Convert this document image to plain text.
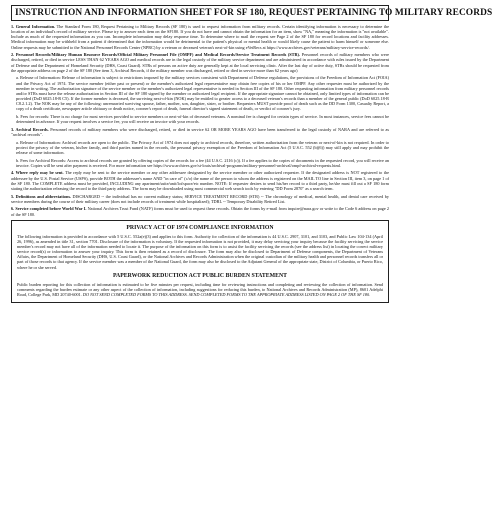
INSTRUCTION AND INFORMATION SHEET FOR SF 180, REQUEST PERTAINING TO MILITARY RECORDS

1. General Information. The Standard Form 180, Request Pertaining to Military Records (SF 180) is used to request information from military records. Certain identifying information is necessary to determine the location of an individual's record of military service. Please try to answer each item on the SF180. If you do not have and cannot obtain the information for an item, show "NA," meaning the information is "not available". Include as much of the requested information as you can. Incomplete information may delay response time. To determine where to mail the request see Page 2 of the SF 180 for record locations and facility addresses. Medical information may be withheld from a patient if determined that the information would be detrimental to the patient's physical or mental health or would likely cause the patient to harm himself or someone else. Online requests may be submitted to the National Personnel Records Center (NPRC) by a veteran or deceased veteran's next-of-kin using eVetRecs at https://www.archives.gov/veterans/military-service-records/.

2. Personnel Records/Military Human Resource Records/Official Military Personnel File (OMPF) and Medical Records/Service Treatment Records (STR). Personnel records of military members who were discharged, retired, or died in service LESS THAN 62 YEARS AGO and medical records are in the legal custody of the military service department and are administered in accordance with rules issued by the Department of Defense and the Department of Homeland Security (DHS, Coast Guard). STRs of persons on active duty are generally kept at the local servicing clinic. After the last day of active duty, STRs should be requested from the appropriate address on page 2 of the SF 180 (See item 3, Archival Records, if the military member was discharged, retired or died in service more than 62 years ago)

a. Release of Information: Release of information is subject to restrictions imposed by the military services consistent with Department of Defense regulations, the provisions of the Freedom of Information Act (FOIA) and the Privacy Act of 1974. The service member (either past or present) or the member's authorized legal representative may obtain free copies of his or her OMPF. Any other requester must be authorized by the member in writing. The authorization signature of the service member or the member's authorized legal representative is needed in Section III of the SF 180. Other requesting information from military personnel records and/or STRs must have the release authorization in Section III of the SF 180 signed by the member or authorized legal recipient. If the appropriate signature cannot be obtained, only limited types of information can be provided (DoD 6025.18-R C5). If the former member is deceased, the surviving next-of-kin (NOK) may be entitled to greater access to a deceased veteran's records than a member of the general public (DoD 6025.18-R C8.2.1.2). The NOK may be any of the following: unremarried surviving spouse, father, mother, son, daughter, sister, or brother. Requesters MUST provide proof of death such as the DD Form 1300, Casualty Report, a copy of a death certificate, newspaper article obituary or death notice, coroner's report of death, funeral director's signed statement of death, or verdict of coroner's jury.

b. Fees for records: There is no charge for most services provided to service members or next-of-kin of deceased veterans. A nominal fee is charged for certain types of service. In most instances, service fees cannot be determined in advance. If your request involves a service fee, you will receive an invoice with your records.

3. Archival Records. Personnel records of military members who were discharged, retired, or died in service 62 OR MORE YEARS AGO have been transferred to the legal custody of NARA and are referred to as "archival records".

a. Release of Information: Archival records are open to the public. The Privacy Act of 1974 does not apply to archival records, therefore, written authorization from the veteran or next-of-kin is not required. In order to protect the privacy of the veteran, his/her family, and third parties named in the records, the personal privacy exemption of the Freedom of Information Act (5 U.S.C. 552 (b)(6)) may still apply and may prohibit the release of some information.

b. Fees for Archival Records: Access to archival records are granted by offering copies of the records for a fee (44 U.S.C. 2116 (c)). If a fee applies to the copies of documents in the requested record, you will receive an invoice. Copies will be sent after payment is received. For more information see https://www.archives.gov/st-louis/archival-programs/military-personnel-archival/ompf-archival-requests.html.

4. Where reply may be sent. The reply may be sent to the service member or any other addressee designated by the service member or other authorized requester. If the designated address is NOT registered to the addressee by the U.S. Postal Service (USPS), provide BOTH the addressee's name AND "in care of" (c/o) the name of the person to whom the address is registered on the MAIL TO line in Section III, item 3, on page 1 of the SF 180. The COMPLETE address must be provided, INCLUDING any apartment/suite/unit/lot/space/etc number. NOTE: If requester desires to send his/her record to a third party, he/she must fill out a SF 180 form stating the authorization releasing the record to the third party address. The form may be downloaded using most commercial web search tools by entering "DD Form 2870" as a search term.

5. Definitions and abbreviations. DISCHARGED -- the individual has no current military status; SERVICE TREATMENT RECORD (STR) -- The chronology of medical, mental health, and dental care received by service members during the course of their military career (does not include records of treatment while hospitalized); TDRL -- Temporary Disability Retired List.

6. Service completed before World War I. National Archives Trust Fund (NATF) forms must be used to request these records. Obtain the forms by e-mail from inquire@nara.gov or write to the Code 6 address on page 2 of the SF 180.

PRIVACY ACT OF 1974 COMPLIANCE INFORMATION

The following information is provided in accordance with 5 U.S.C. 552a(e)(3) and applies to this form. Authority for collection of the information is 44 U.S.C. 2907, 3101, and 3103, and Public Law 104-134 (April 26, 1996), as amended in title 31, section 7701. Disclosure of the information is voluntary. If the requested information is not provided, it may delay servicing your inquiry because the facility servicing the service member's record may not have all of the information needed to locate it. The purpose of the information on this form is to assist the facility servicing the records (see the address list) in locating the correct military service record(s) or information to answer your inquiry. This form is then retained as a record of disclosure. The form may also be disclosed to Department of Defense components, the Department of Veterans Affairs, the Department of Homeland Security (DHS, U.S. Coast Guard), or the National Archives and Records Administration when the original custodian of the military health and personnel records transfers all or part of those records to that agency. If the service member was a member of the National Guard, the form may also be disclosed to the Adjutant General of the appropriate state, District of Columbia, or Puerto Rico, where he or she served.

PAPERWORK REDUCTION ACT PUBLIC BURDEN STATEMENT

Public burden reporting for this collection of information is estimated to be five minutes per request, including time for reviewing instructions and completing and reviewing the collection of information. Send comments regarding the burden estimate or any other aspect of the collection of information, including suggestions for reducing this burden, to National Archives and Records Administration (MP), 8601 Adelphi Road, College Park, MD 20740-6001. DO NOT SEND COMPLETED FORMS TO THIS ADDRESS. SEND COMPLETED FORMS TO THE APPROPRIATE ADDRESS LISTED ON PAGE 2 OF THE SF 180.
